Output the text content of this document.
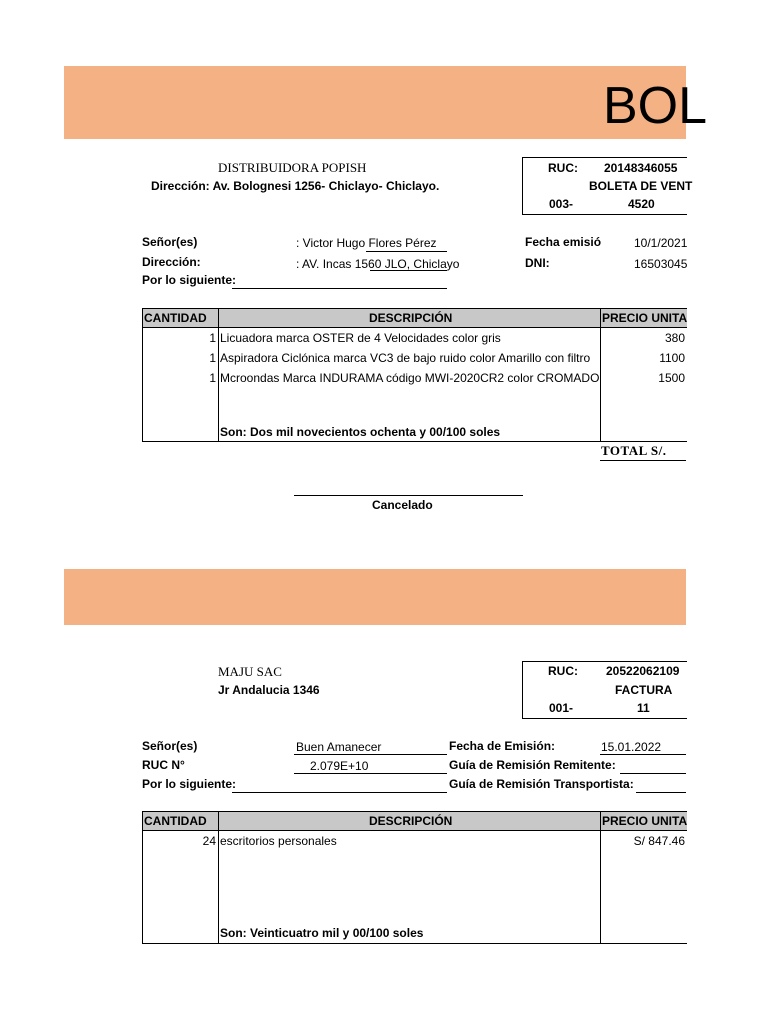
BOL
DISTRIBUIDORA POPISH
Dirección: Av. Bolognesi 1256- Chiclayo- Chiclayo.
RUC: 20148346055
BOLETA DE VENT
003-	4520
Señor(es)	: Victor Hugo Flores Pérez
Dirección:	: AV. Incas 1560 JLO, Chiclayo
Por lo siguiente:
Fecha emisió	10/1/2021
DNI:	16503045
CANTIDAD	DESCRIPCIÓN	PRECIO UNITA
1 Licuadora marca OSTER de 4 Velocidades color gris	380
1 Aspiradora Ciclónica marca VC3 de bajo ruido color Amarillo con filtro	1100
1 Mcroondas Marca INDURAMA código MWI-2020CR2 color CROMADO	1500
Son: Dos mil novecientos ochenta y 00/100 soles
TOTAL S/.
Cancelado
MAJU SAC
Jr Andalucia 1346
RUC: 20522062109
FACTURA
001-	11
Señor(es)	Buen Amanecer
RUC N°	2.079E+10
Por lo siguiente:
Fecha de Emisión:	15.01.2022
Guía de Remisión Remitente:
Guía de Remisión Transportista:
CANTIDAD	DESCRIPCIÓN	PRECIO UNITA
24 escritorios personales	S/ 847.46
Son: Veinticuatro mil y 00/100 soles
